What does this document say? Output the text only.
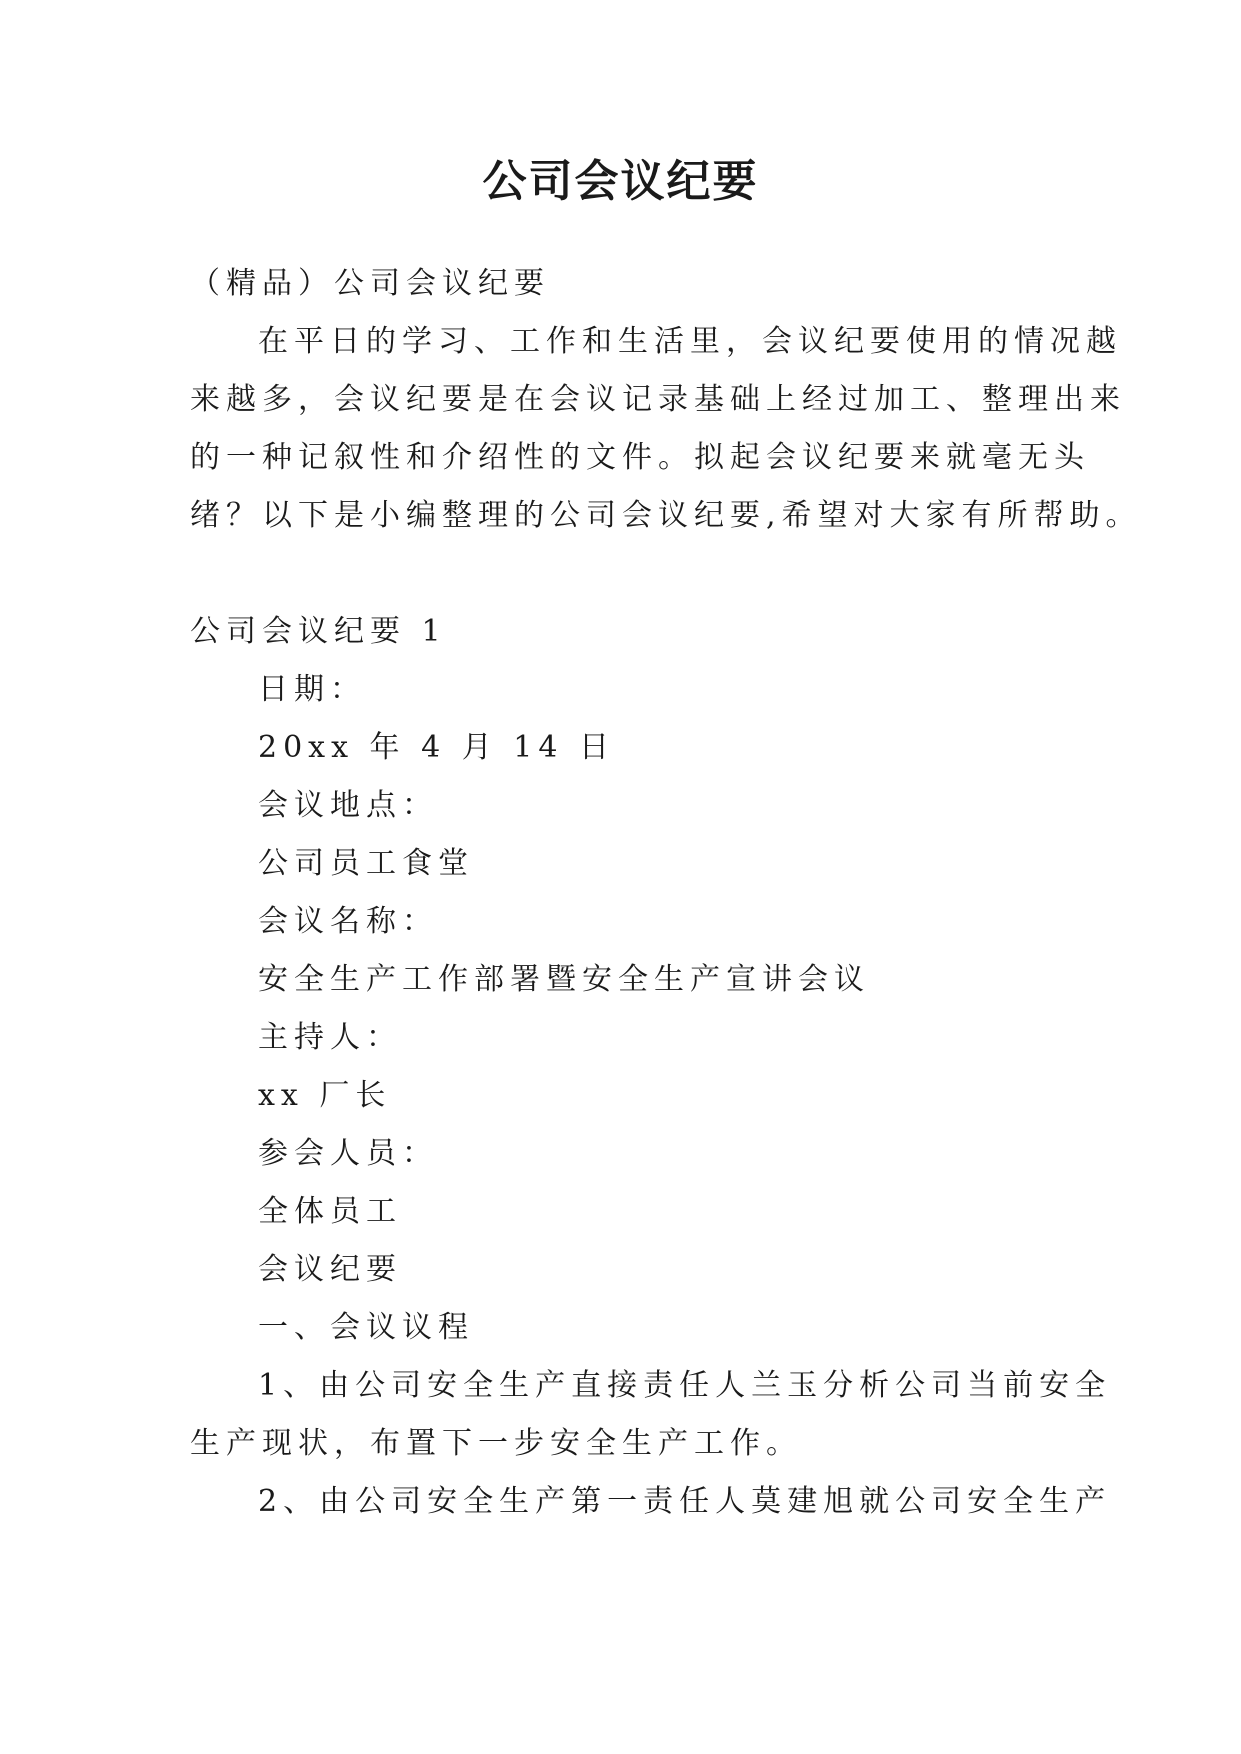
公司会议纪要
（精品）公司会议纪要
在平日的学习、工作和生活里，会议纪要使用的情况越
来越多，会议纪要是在会议记录基础上经过加工、整理出来
的一种记叙性和介绍性的文件。拟起会议纪要来就毫无头
绪？以下是小编整理的公司会议纪要,希望对大家有所帮助。
公司会议纪要 1
日期：
20xx 年 4 月 14 日
会议地点：
公司员工食堂
会议名称：
安全生产工作部署暨安全生产宣讲会议
主持人：
xx 厂长
参会人员：
全体员工
会议纪要
一、会议议程
1、由公司安全生产直接责任人兰玉分析公司当前安全
生产现状，布置下一步安全生产工作。
2、由公司安全生产第一责任人莫建旭就公司安全生产
